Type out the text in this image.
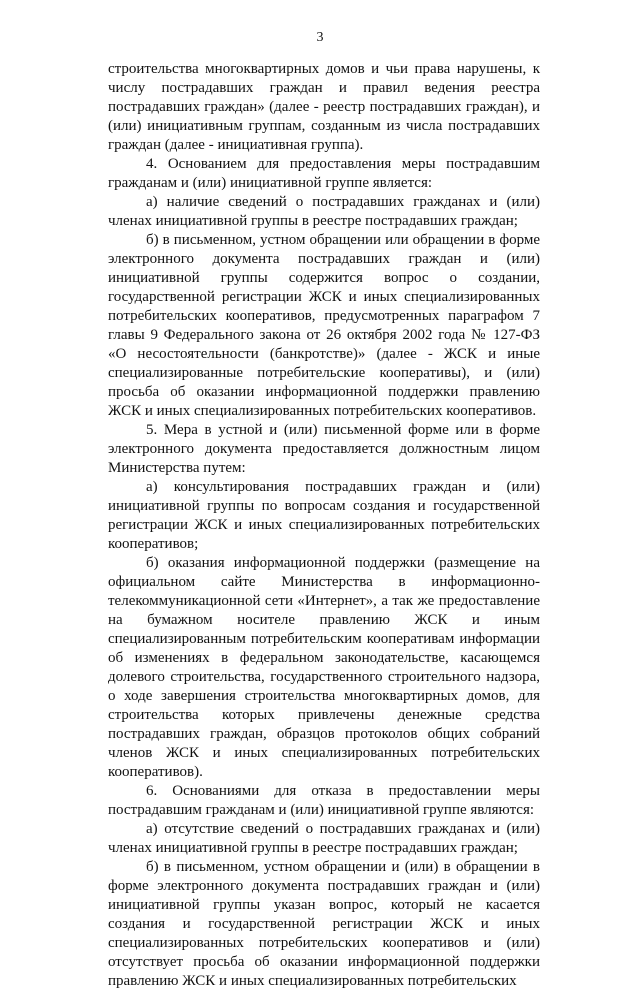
3

строительства многоквартирных домов и чьи права нарушены, к числу пострадавших граждан и правил ведения реестра пострадавших граждан» (далее - реестр пострадавших граждан), и (или) инициативным группам, созданным из числа пострадавших граждан (далее - инициативная группа).

4. Основанием для предоставления меры пострадавшим гражданам и (или) инициативной группе является:

а) наличие сведений о пострадавших гражданах и (или) членах инициативной группы в реестре пострадавших граждан;

б) в письменном, устном обращении или обращении в форме электронного документа пострадавших граждан и (или) инициативной группы содержится вопрос о создании, государственной регистрации ЖСК и иных специализированных потребительских кооперативов, предусмотренных параграфом 7 главы 9 Федерального закона от 26 октября 2002 года № 127-ФЗ «О несостоятельности (банкротстве)» (далее - ЖСК и иные специализированные потребительские кооперативы), и (или) просьба об оказании информационной поддержки правлению ЖСК и иных специализированных потребительских кооперативов.

5. Мера в устной и (или) письменной форме или в форме электронного документа предоставляется должностным лицом Министерства путем:

а) консультирования пострадавших граждан и (или) инициативной группы по вопросам создания и государственной регистрации ЖСК и иных специализированных потребительских кооперативов;

б) оказания информационной поддержки (размещение на официальном сайте Министерства в информационно-телекоммуникационной сети «Интернет», а так же предоставление на бумажном носителе правлению ЖСК и иным специализированным потребительским кооперативам информации об изменениях в федеральном законодательстве, касающемся долевого строительства, государственного строительного надзора, о ходе завершения строительства многоквартирных домов, для строительства которых привлечены денежные средства пострадавших граждан, образцов протоколов общих собраний членов ЖСК и иных специализированных потребительских кооперативов).

6. Основаниями для отказа в предоставлении меры пострадавшим гражданам и (или) инициативной группе являются:

а) отсутствие сведений о пострадавших гражданах и (или) членах инициативной группы в реестре пострадавших граждан;

б) в письменном, устном обращении и (или) в обращении в форме электронного документа пострадавших граждан и (или) инициативной группы указан вопрос, который не касается создания и государственной регистрации ЖСК и иных специализированных потребительских кооперативов и (или) отсутствует просьба об оказании информационной поддержки правлению ЖСК и иных специализированных потребительских
